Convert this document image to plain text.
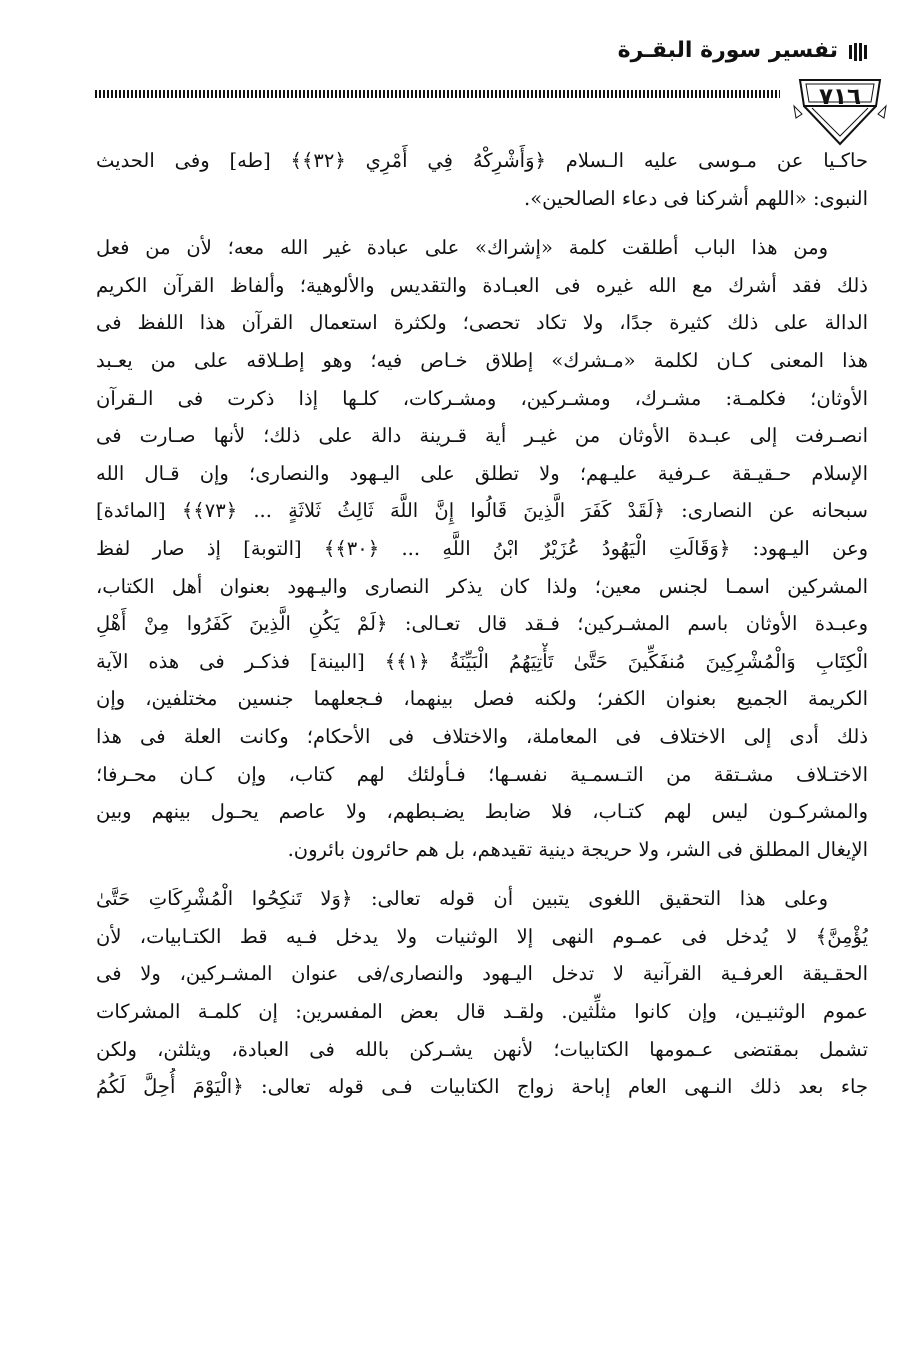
تفسير سورة البقـرة
٧١٦

حاكـيا عن مـوسى عليه الـسلام ﴿وَأَشْرِكْهُ فِي أَمْرِي ﴿٣٢﴾﴾ [طه] وفى الحديث
النبوى: «اللهم أشركنا فى دعاء الصالحين».

ومن هذا الباب أطلقت كلمة «إشراك» على عبادة غير الله معه؛ لأن من فعل
ذلك فقد أشرك مع الله غيره فى العبـادة والتقديس والألوهية؛ وألفاظ القرآن الكريم
الدالة على ذلك كثيرة جدًا، ولا تكاد تحصى؛ ولكثرة استعمال القرآن هذا اللفظ فى
هذا المعنى كـان لكلمة «مـشرك» إطلاق خـاص فيه؛ وهو إطـلاقه على من يعـبد
الأوثان؛ فكلمـة: مشـرك، ومشـركين، ومشـركات، كلـها إذا ذكرت فى الـقرآن
انصـرفت إلى عبـدة الأوثان من غيـر أية قـرينة دالة على ذلك؛ لأنها صـارت فى
الإسلام حـقيـقة عـرفية عليـهم؛ ولا تطلق على اليـهود والنصارى؛ وإن قـال الله
سبحانه عن النصارى: ﴿لَقَدْ كَفَرَ الَّذِينَ قَالُوا إِنَّ اللَّهَ ثَالِثُ ثَلاثَةٍ ... ﴿٧٣﴾﴾ [المائدة]
وعن اليـهود: ﴿وَقَالَتِ الْيَهُودُ عُزَيْرٌ ابْنُ اللَّهِ ... ﴿٣٠﴾﴾ [التوبة] إذ صار لفظ
المشركين اسمـا لجنس معين؛ ولذا كان يذكر النصارى واليـهود بعنوان أهل الكتاب،
وعبـدة الأوثان باسم المشـركين؛ فـقد قال تعـالى: ﴿لَمْ يَكُنِ الَّذِينَ كَفَرُوا مِنْ أَهْلِ
الْكِتَابِ وَالْمُشْرِكِينَ مُنفَكِّينَ حَتَّىٰ تَأْتِيَهُمُ الْبَيِّنَةُ ﴿١﴾﴾ [البينة] فذكـر فى هذه الآية
الكريمة الجميع بعنوان الكفر؛ ولكنه فصل بينهما، فـجعلهما جنسين مختلفين، وإن
ذلك أدى إلى الاختلاف فى المعاملة، والاختلاف فى الأحكام؛ وكانت العلة فى هذا
الاختـلاف مشـتقة من التـسمـية نفسـها؛ فـأولئك لهم كتاب، وإن كـان محـرفا؛
والمشركـون ليس لهم كتـاب، فلا ضابط يضـبطهم، ولا عاصم يحـول بينهم وبين
الإيغال المطلق فى الشر، ولا حريجة دينية تقيدهم، بل هم حائرون بائرون.

وعلى هذا التحقيق اللغوى يتبين أن قوله تعالى: ﴿وَلا تَنكِحُوا الْمُشْرِكَاتِ حَتَّىٰ
يُؤْمِنَّ﴾ لا يُدخل فى عمـوم النهى إلا الوثنيات ولا يدخل فـيه قط الكتـابيات، لأن
الحقـيقة العرفـية القرآنية لا تدخل اليـهود والنصارى/فى عنوان المشـركين، ولا فى
عموم الوثنيـين، وإن كانوا مثلِّثين. ولقـد قال بعض المفسرين: إن كلمـة المشركات
تشمل بمقتضى عـمومها الكتابيات؛ لأنهن يشـركن بالله فى العبادة، ويثلثن، ولكن
جاء بعد ذلك النـهى العام إباحة زواج الكتابيات فـى قوله تعالى: ﴿الْيَوْمَ أُحِلَّ لَكُمُ
